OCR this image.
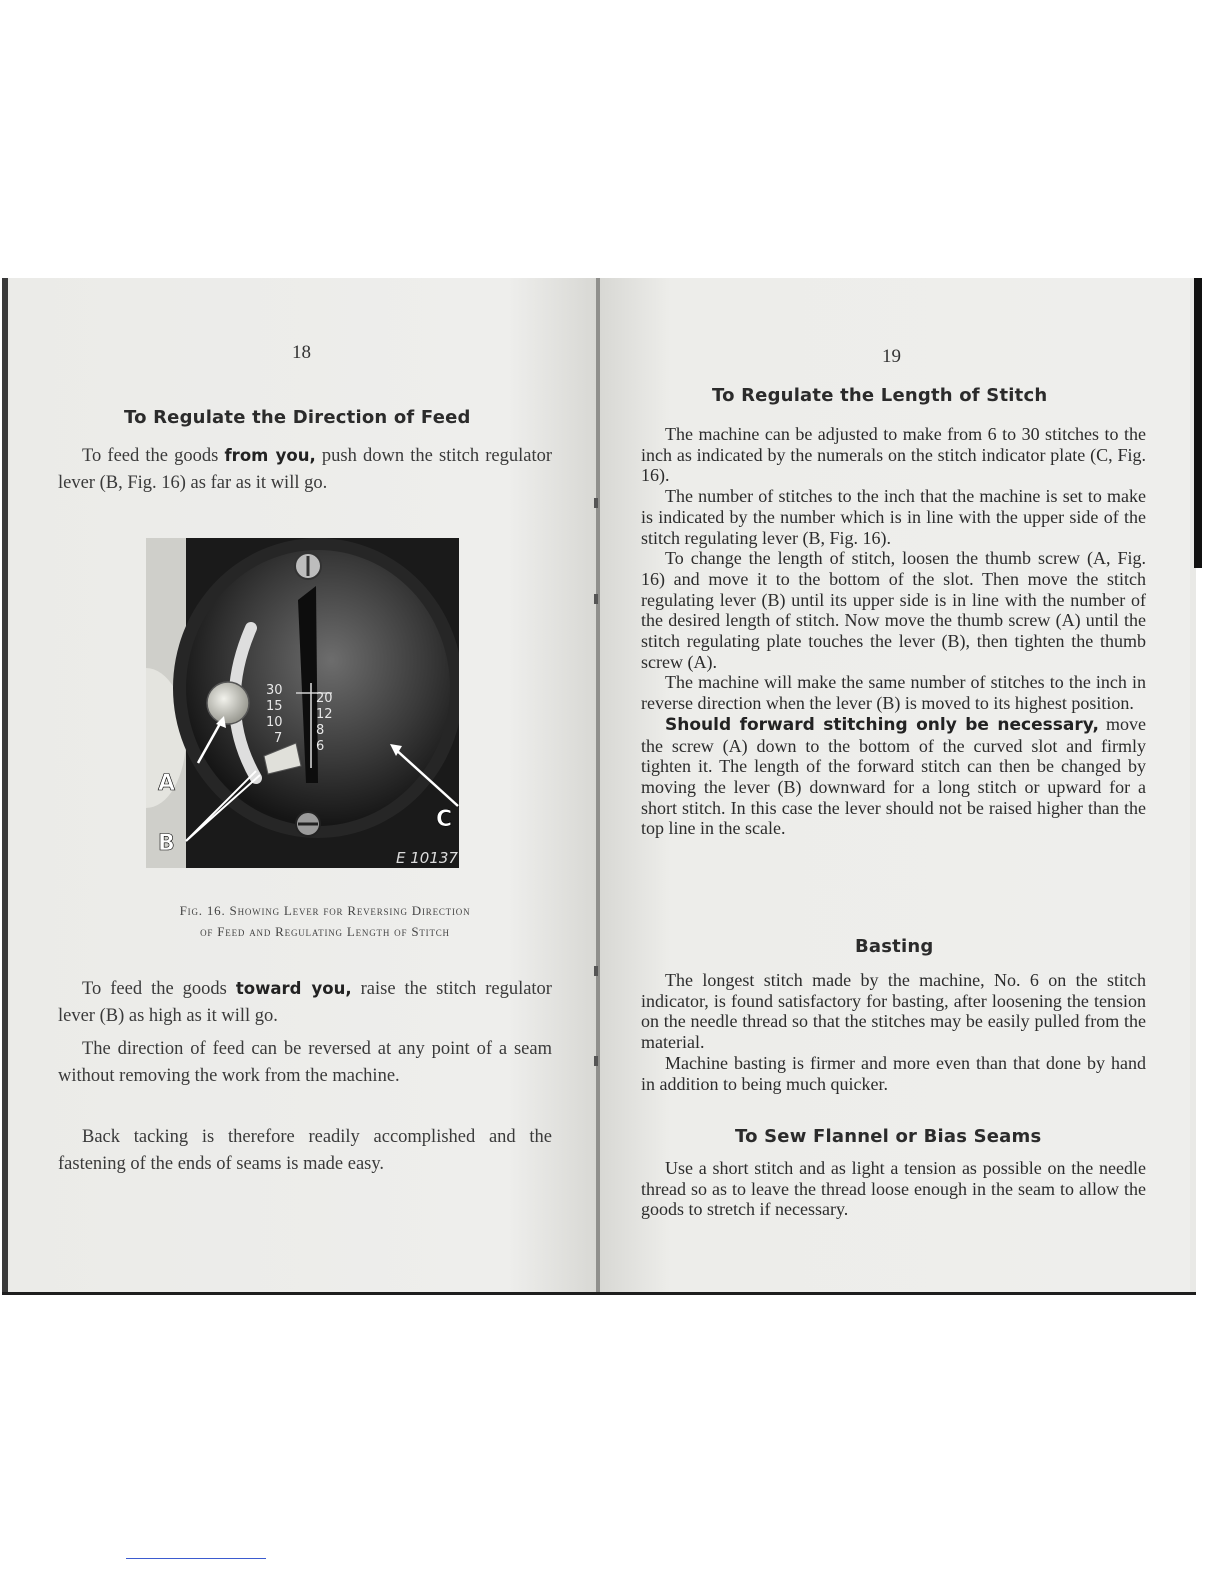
18
To Regulate the Direction of Feed

To feed the goods from you, push down the stitch regulator lever (B, Fig. 16) as far as it will go.

30
15
10
7
20
12
8
6
A
B
C
E 10137
Fig. 16. Showing Lever for Reversing Direction
of Feed and Regulating Length of Stitch

To feed the goods toward you, raise the stitch regulator lever (B) as high as it will go.

The direction of feed can be reversed at any point of a seam without removing the work from the machine.

Back tacking is therefore readily accomplished and the fastening of the ends of seams is made easy.

19
To Regulate the Length of Stitch

The machine can be adjusted to make from 6 to 30 stitches to the inch as indicated by the numerals on the stitch indicator plate (C, Fig. 16).

The number of stitches to the inch that the machine is set to make is indicated by the number which is in line with the upper side of the stitch regulating lever (B, Fig. 16).

To change the length of stitch, loosen the thumb screw (A, Fig. 16) and move it to the bottom of the slot. Then move the stitch regulating lever (B) until its upper side is in line with the number of the desired length of stitch. Now move the thumb screw (A) until the stitch regulating plate touches the lever (B), then tighten the thumb screw (A).

The machine will make the same number of stitches to the inch in reverse direction when the lever (B) is moved to its highest position.

Should forward stitching only be necessary, move the screw (A) down to the bottom of the curved slot and firmly tighten it. The length of the forward stitch can then be changed by moving the lever (B) downward for a long stitch or upward for a short stitch. In this case the lever should not be raised higher than the top line in the scale.

Basting

The longest stitch made by the machine, No. 6 on the stitch indicator, is found satisfactory for basting, after loosening the tension on the needle thread so that the stitches may be easily pulled from the material.

Machine basting is firmer and more even than that done by hand in addition to being much quicker.

To Sew Flannel or Bias Seams

Use a short stitch and as light a tension as possible on the needle thread so as to leave the thread loose enough in the seam to allow the goods to stretch if necessary.
